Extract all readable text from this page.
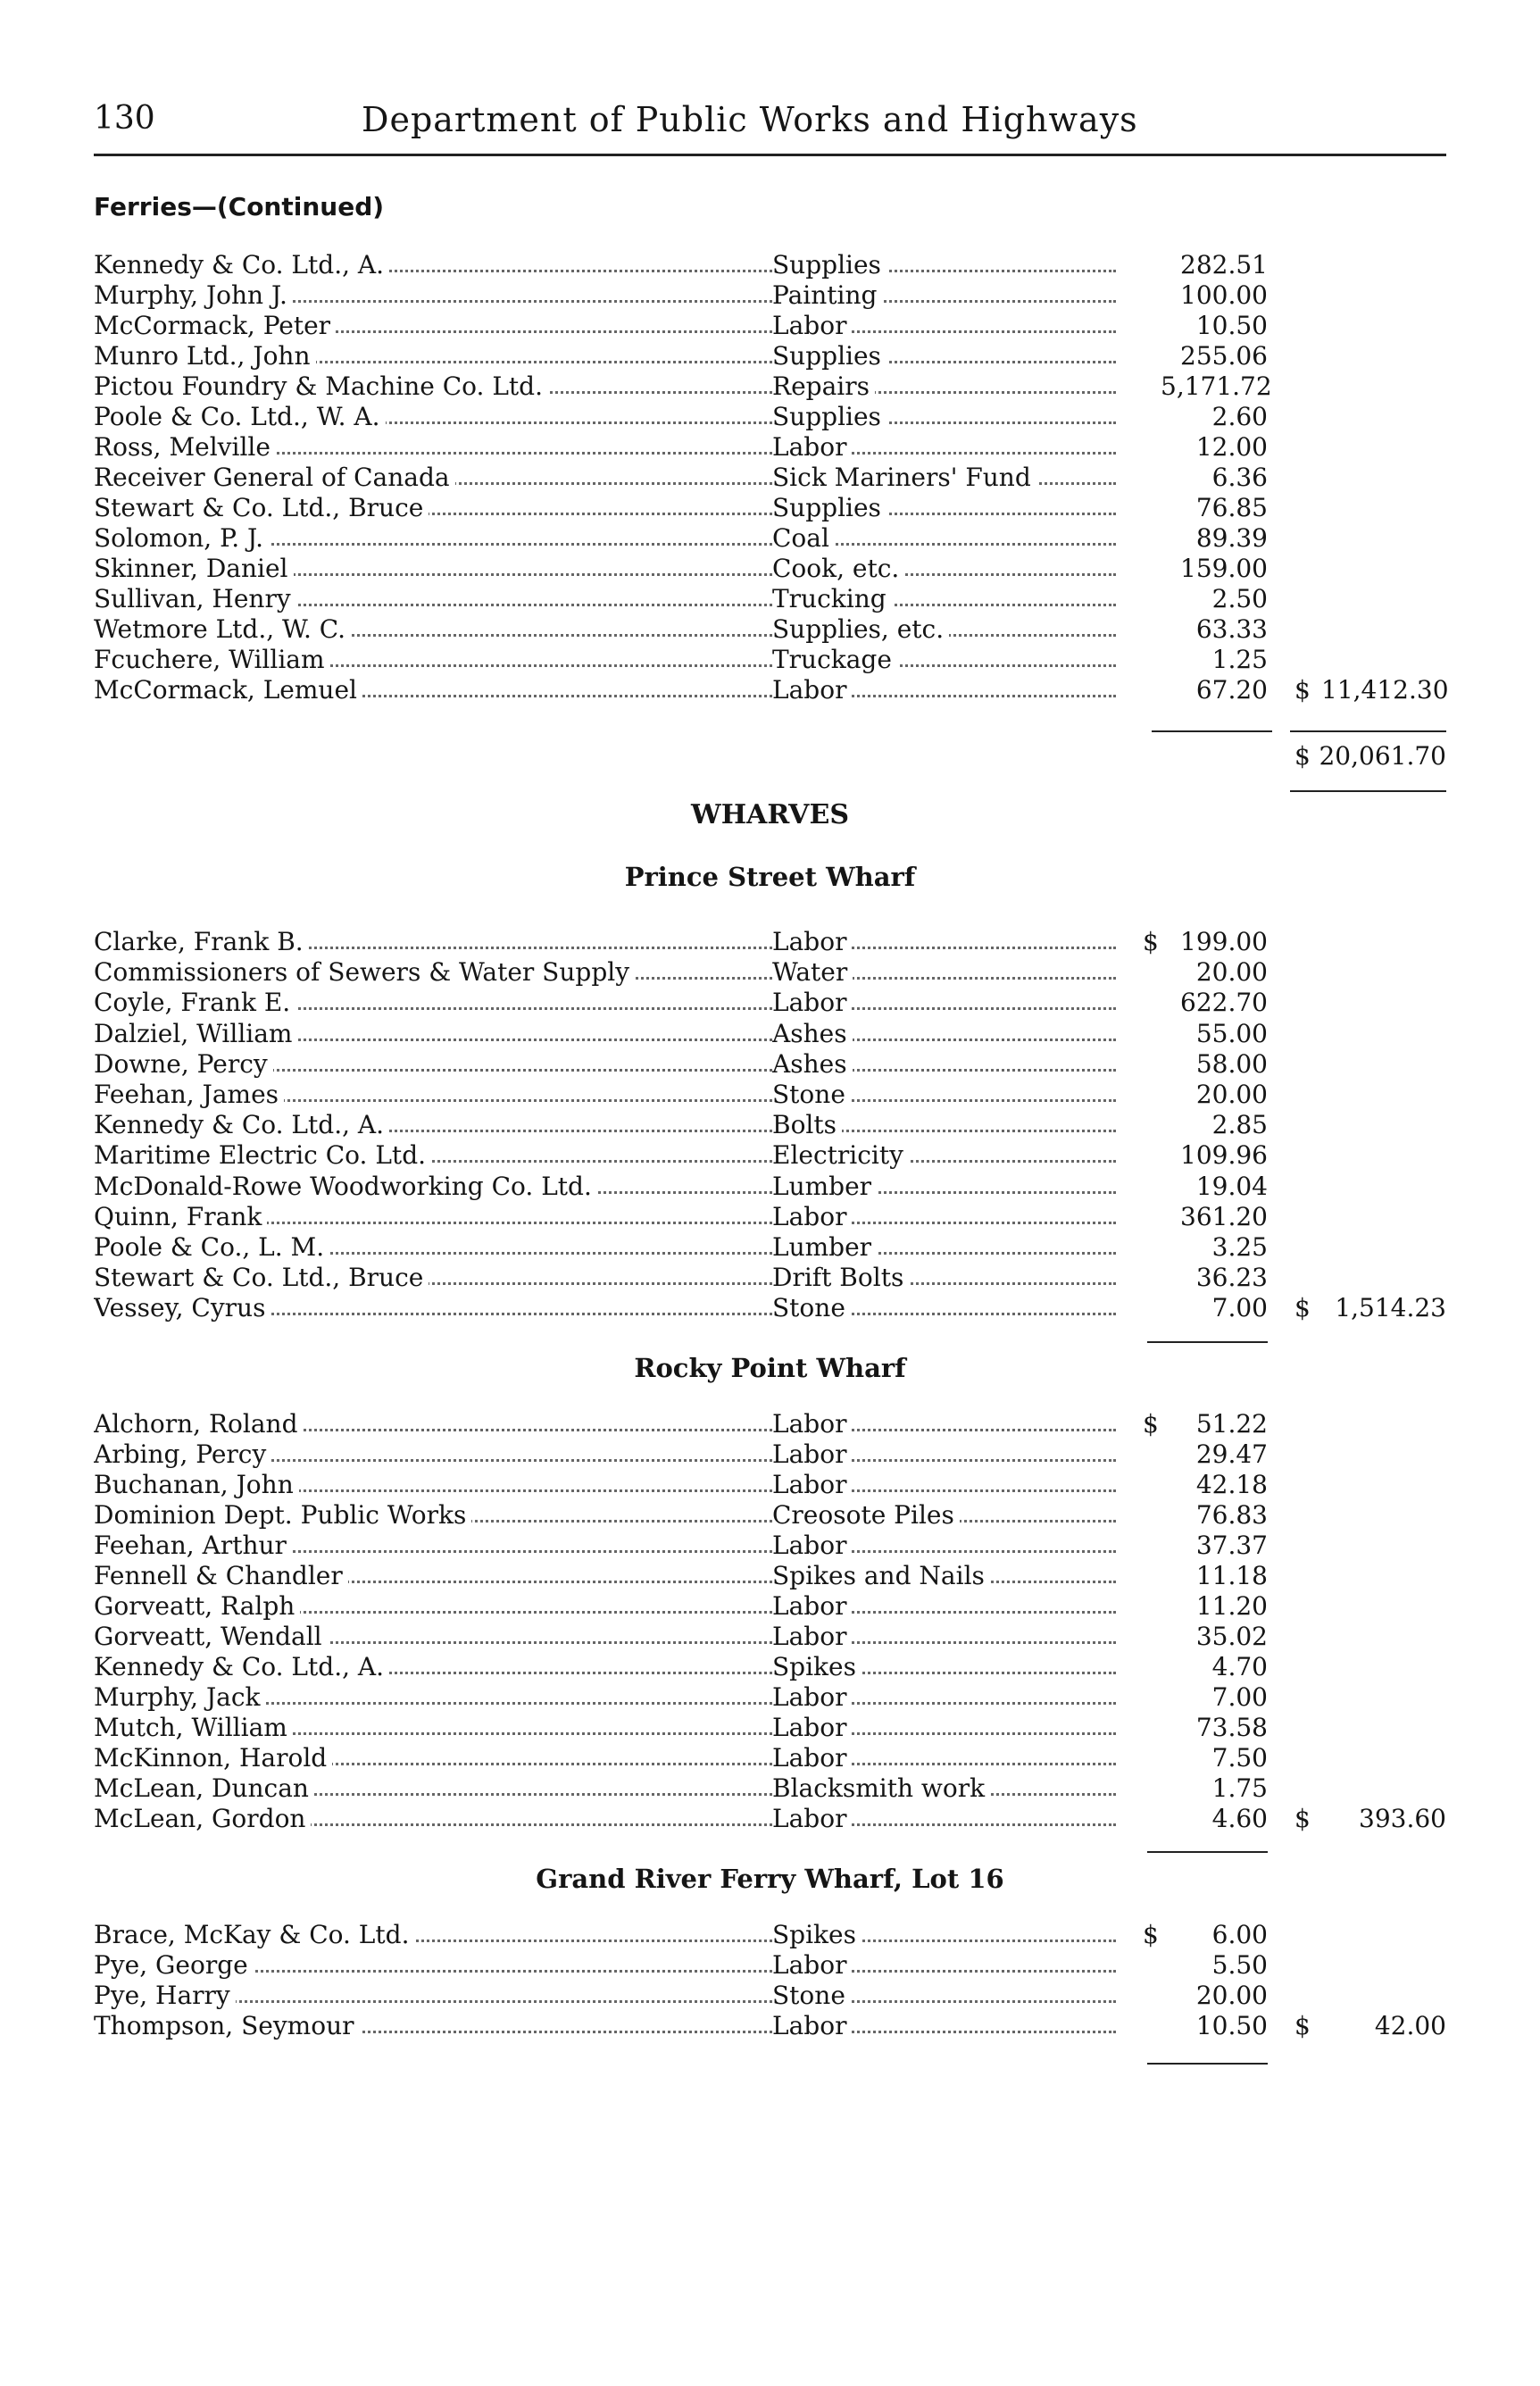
130	Department of Public Works and Highways
Ferries—(Continued)
Kennedy & Co. Ltd., A.	Supplies	282.51
Murphy, John J.	Painting	100.00
McCormack, Peter	Labor	10.50
Munro Ltd., John	Supplies	255.06
Pictou Foundry & Machine Co. Ltd.	Repairs	5,171.72
Poole & Co. Ltd., W. A.	Supplies	2.60
Ross, Melville	Labor	12.00
Receiver General of Canada	Sick Mariners' Fund	6.36
Stewart & Co. Ltd., Bruce	Supplies	76.85
Solomon, P. J.	Coal	89.39
Skinner, Daniel	Cook, etc.	159.00
Sullivan, Henry	Trucking	2.50
Wetmore Ltd., W. C.	Supplies, etc.	63.33
Fcuchere, William	Truckage	1.25
McCormack, Lemuel	Labor	67.20 $ 11,412.30
$ 20,061.70
WHARVES
Prince Street Wharf
Clarke, Frank B.	Labor	$ 199.00
Commissioners of Sewers & Water Supply	Water	20.00
Coyle, Frank E.	Labor	622.70
Dalziel, William	Ashes	55.00
Downe, Percy	Ashes	58.00
Feehan, James	Stone	20.00
Kennedy & Co. Ltd., A.	Bolts	2.85
Maritime Electric Co. Ltd.	Electricity	109.96
McDonald-Rowe Woodworking Co. Ltd.	Lumber	19.04
Quinn, Frank	Labor	361.20
Poole & Co., L. M.	Lumber	3.25
Stewart & Co. Ltd., Bruce	Drift Bolts	36.23
Vessey, Cyrus	Stone	7.00 $ 1,514.23
Rocky Point Wharf
Alchorn, Roland	Labor	$	51.22
Arbing, Percy	Labor	29.47
Buchanan, John	Labor	42.18
Dominion Dept. Public Works	Creosote Piles	76.83
Feehan, Arthur	Labor	37.37
Fennell & Chandler	Spikes and Nails	11.18
Gorveatt, Ralph	Labor	11.20
Gorveatt, Wendall	Labor	35.02
Kennedy & Co. Ltd., A.	Spikes	4.70
Murphy, Jack	Labor	7.00
Mutch, William	Labor	73.58
McKinnon, Harold	Labor	7.50
McLean, Duncan	Blacksmith work	1.75
McLean, Gordon	Labor	4.60 $	393.60
Grand River Ferry Wharf, Lot 16
Brace, McKay & Co. Ltd.	Spikes	$	6.00
Pye, George	Labor	5.50
Pye, Harry	Stone	20.00
Thompson, Seymour	Labor	10.50 $	42.00
